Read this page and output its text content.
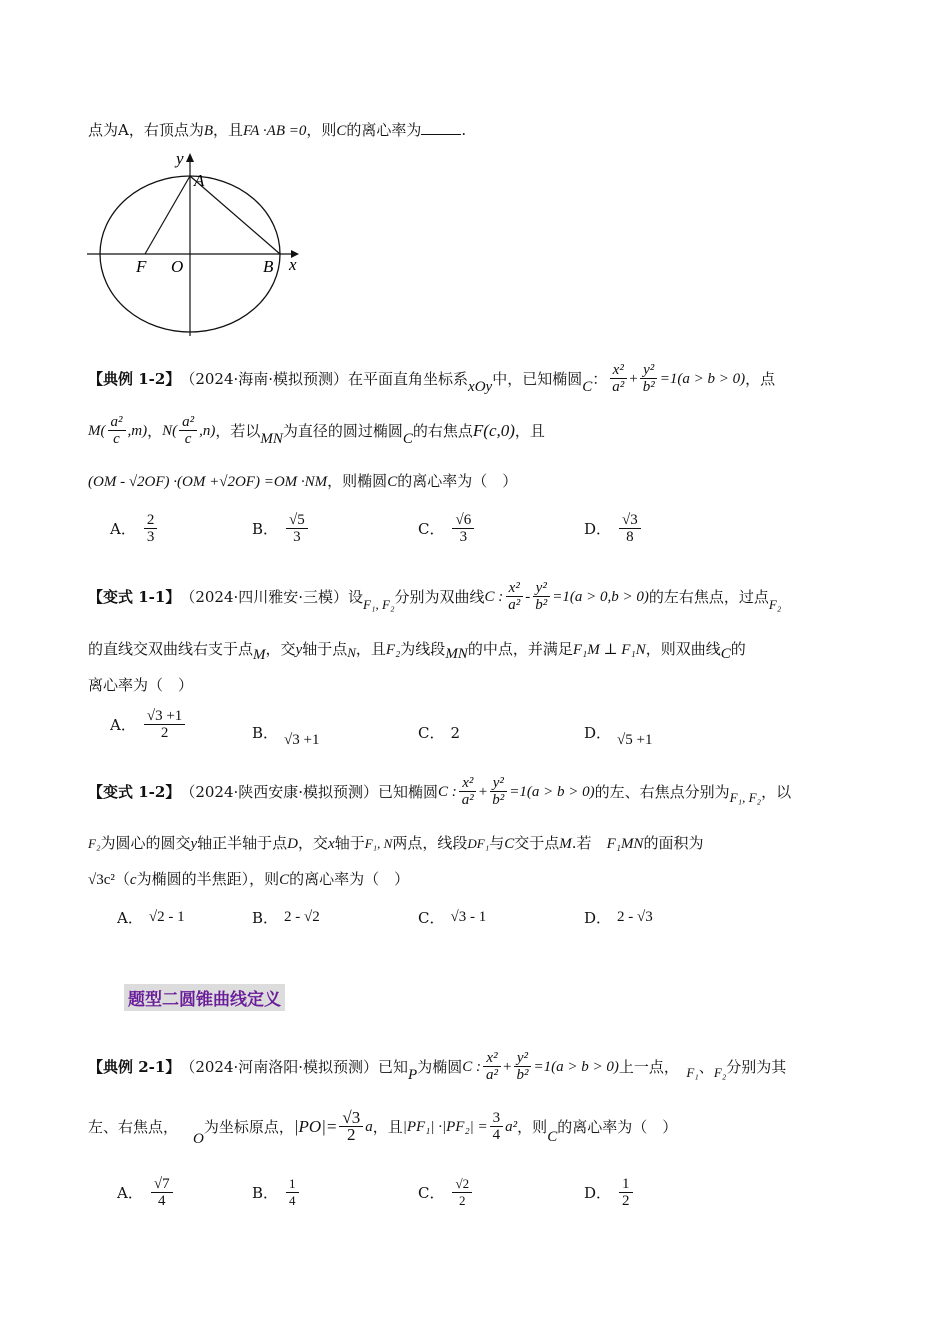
点为A，右顶点为B，且FA ·AB =0，则C的离心率为	.
y
A
F O	B x
【典例 1-2】 （2024·海南·模拟预测）在平面直角坐标系 xOy 中，已知椭圆 C ： $\frac{\text{x²}}{\text{a²}} + \frac{\text{y²}}{\text{b²}} =1(a > b > 0)$ ，点
$M( \frac{\text{a²}}{c} ,m)$ ， $N( \frac{\text{a²}}{c} ,n)$ ，若以 MN 为直径的圆过椭圆 C 的右焦点 F(c,0) ，且
(OM - √2OF) ·(OM +√2OF) =OM ·NM，则椭圆C的离心率为（　）
A． $\frac{2}{3}$	B． $\frac{√5}{3}$	C． $\frac{√6}{3}$	D． $\frac{√3}{8}$
【变式 1-1】 （2024·四川雅安·三模）设 F₁, F₂ 分别为双曲线 C : $\frac{\text{x²}}{\text{a²}} - \frac{\text{y²}}{\text{b²}} =1(a > 0,b > 0)$ 的左右焦点，过点 F₂
的直线交双曲线右支于点M，交y轴于点N，且F₂为线段MN的中点，并满足F₁M ⊥ F₁N，则双曲线C的
离心率为（　）
A． $\frac{√3 +1}{2}$	B． √3 +1	C． 2	D． √5 +1
【变式 1-2】 （2024·陕西安康·模拟预测）已知椭圆 C : $\frac{\text{x²}}{\text{a²}} + \frac{\text{y²}}{\text{b²}} =1(a > b > 0)$ 的左、右焦点分别为 F₁, F₂ ，以
F₂为圆心的圆交y轴正半轴于点D，交x轴于F₁, N两点，线段DF₁与C交于点M.若  F₁MN的面积为
√3c²（c为椭圆的半焦距），则C的离心率为（　）
A． √2 - 1	B． 2 - √2	C． √3 - 1	D． 2 - √3
题型二圆锥曲线定义
【典例 2-1】 （2024·河南洛阳·模拟预测）已知 P 为椭圆 C : $\frac{\text{x²}}{\text{a²}} + \frac{\text{y²}}{\text{b²}} =1(a > b > 0)$ 上一点，
  F₁ 、 F₂ 分别为其
左、右焦点，

O
为坐标原点， $|PO|= \frac{√3}{2}$ a ，且 $|PF_1| \cdot|PF_2| = \frac{3}{4} a^2$ ，则
C
的离心率为（　）
A． $\frac{√7}{4}$	B． $\frac{1}{4}$	C． $\frac{√2}{2}$	D． $\frac{1}{2}$
